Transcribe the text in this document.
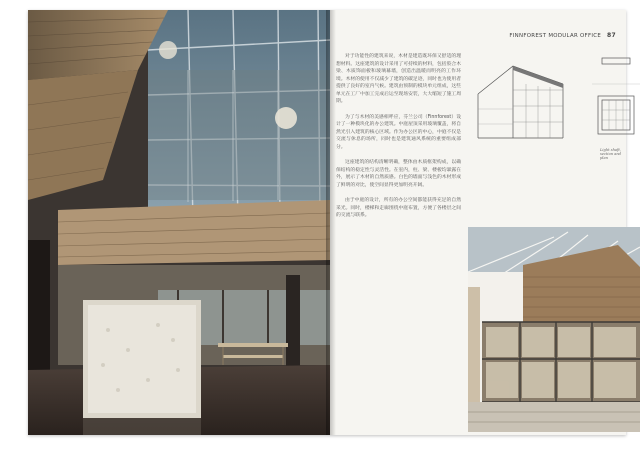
FINNFOREST MODULAR OFFICE 87

对于功能性的建筑来说，木材是建造既环保又舒适的理想材料。这座建筑的设计采用了可持续的材料，包括胶合木梁、木质饰面板和玻璃幕墙，创造出温暖而明亮的工作环境。木材的使用不仅减少了建筑的碳足迹，同时也为使用者提供了良好的室内气候。建筑由预制的模块单元组成，这些单元在工厂中加工完成后运至现场安装，大大缩短了施工周期。

为了与木材的美感相呼应，芬兰公司（Finnforest）设计了一种模块化的办公建筑。中庭屋顶采用玻璃覆盖，将自然光引入建筑的核心区域。作为办公区的中心，中庭不仅是交流与休息的场所，同时也是建筑通风系统的重要组成部分。

这座建筑的结构清晰明确，整体由木质框架构成，以确保结构的稳定性与灵活性。在室内，柱、梁、楼板均暴露在外，展示了木材的自然质感。白色的墙面与浅色的木材形成了鲜明的对比，使空间显得更加明亮开阔。

由于中庭的设计，所有的办公空间都能获得充足的自然采光。同时，楼梯和走廊围绕中庭布置，方便了各楼层之间的交流与联系。

Light shaft, section and plan
